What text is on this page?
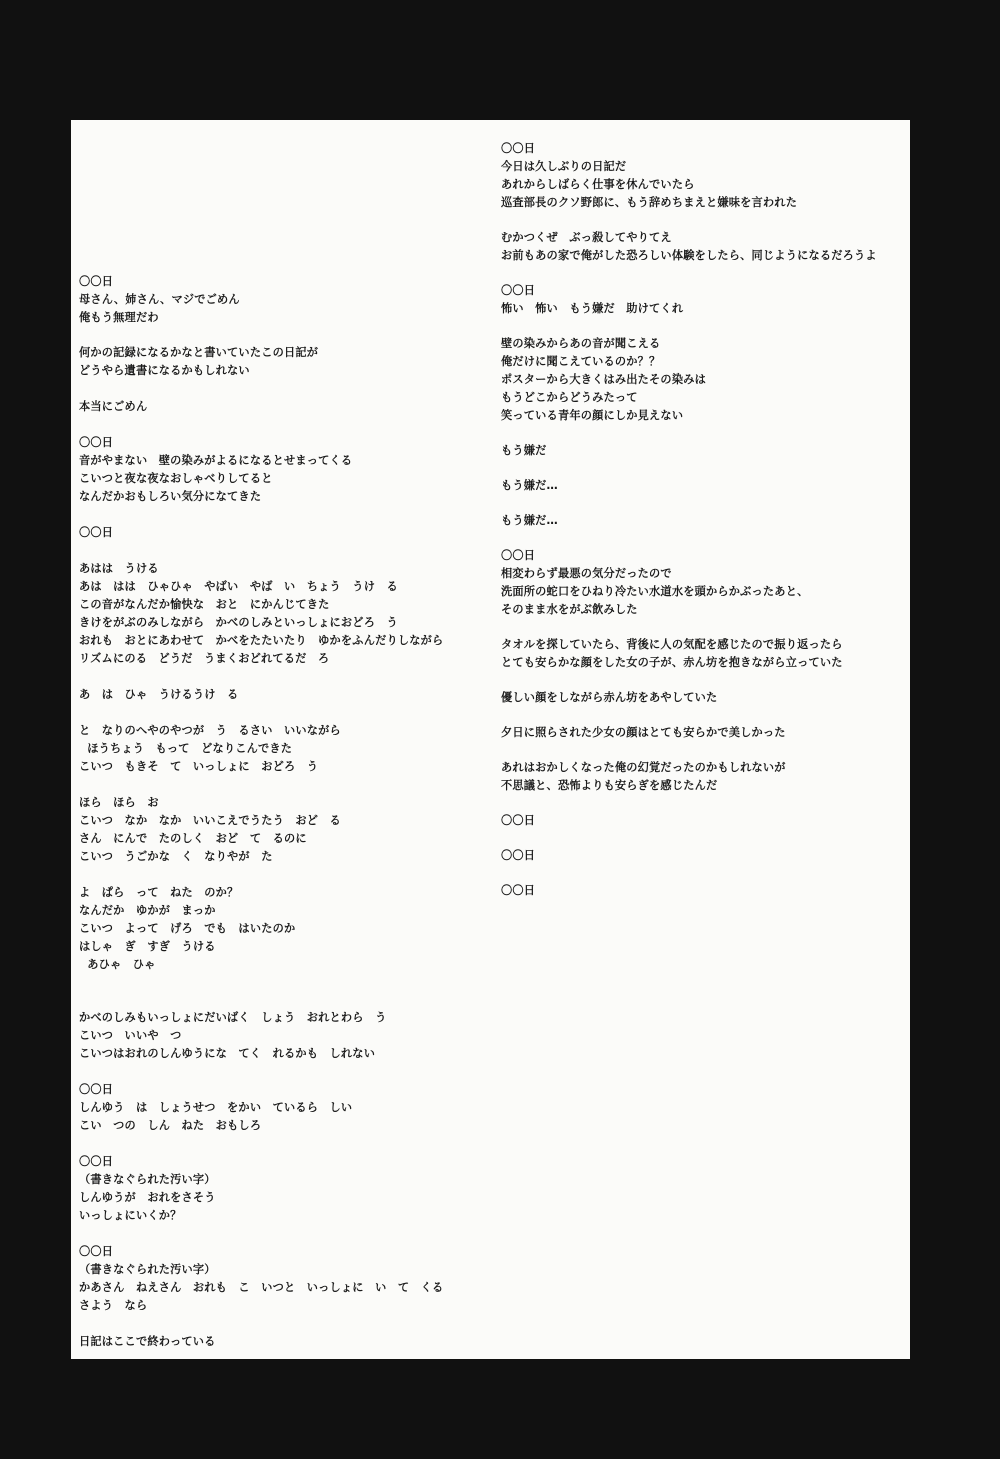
〇〇日
母さん、姉さん、マジでごめん
俺もう無理だわ
何かの記録になるかなと書いていたこの日記が
どうやら遺書になるかもしれない
本当にごめん
〇〇日
音がやまない　壁の染みがよるになるとせまってくる
こいつと夜な夜なおしゃべりしてると
なんだかおもしろい気分になてきた
〇〇日
あはは　うける
あは　はは　ひゃひゃ　やばい　やば　い　ちょう　うけ　る
この音がなんだか愉快な　おと　にかんじてきた
きけをがぶのみしながら　かべのしみといっしょにおどろ　う
おれも　おとにあわせて　かべをたたいたり　ゆかをふんだりしながら
リズムにのる　どうだ　うまくおどれてるだ　ろ
あ　は　ひゃ　うけるうけ　る
と　なりのへやのやつが　う　るさい　いいながら
ほうちょう　もって　どなりこんできた
こいつ　もきそ　て　いっしょに　おどろ　う
ほら　ほら　お
こいつ　なか　なか　いいこえでうたう　おど　る
さん　にんで　たのしく　おど　て　るのに
こいつ　うごかな　く　なりやが　た
よ　ぱら　って　ねた　のか？
なんだか　ゆかが　まっか
こいつ　よって　げろ　でも　はいたのか
はしゃ　ぎ　すぎ　うける
あひゃ　ひゃ
かべのしみもいっしょにだいばく　しょう　おれとわら　う
こいつ　いいや　つ
こいつはおれのしんゆうにな　てく　れるかも　しれない
〇〇日
しんゆう　は　しょうせつ　をかい　ているら　しい
こい　つの　しん　ねた　おもしろ
〇〇日
（書きなぐられた汚い字）
しんゆうが　おれをさそう
いっしょにいくか？
〇〇日
（書きなぐられた汚い字）
かあさん　ねえさん　おれも　こ　いつと　いっしょに　い　て　くる
さよう　なら
日記はここで終わっている
〇〇日
今日は久しぶりの日記だ
あれからしばらく仕事を休んでいたら
巡査部長のクソ野郎に、もう辞めちまえと嫌味を言われた
むかつくぜ　ぶっ殺してやりてえ
お前もあの家で俺がした恐ろしい体験をしたら、同じようになるだろうよ
〇〇日
怖い　怖い　もう嫌だ　助けてくれ
壁の染みからあの音が聞こえる
俺だけに聞こえているのか？？
ポスターから大きくはみ出たその染みは
もうどこからどうみたって
笑っている青年の顔にしか見えない
もう嫌だ
もう嫌だ…
もう嫌だ…
〇〇日
相変わらず最悪の気分だったので
洗面所の蛇口をひねり冷たい水道水を頭からかぶったあと、
そのまま水をがぶ飲みした
タオルを探していたら、背後に人の気配を感じたので振り返ったら
とても安らかな顔をした女の子が、赤ん坊を抱きながら立っていた
優しい顔をしながら赤ん坊をあやしていた
夕日に照らされた少女の顔はとても安らかで美しかった
あれはおかしくなった俺の幻覚だったのかもしれないが
不思議と、恐怖よりも安らぎを感じたんだ
〇〇日
〇〇日
〇〇日
